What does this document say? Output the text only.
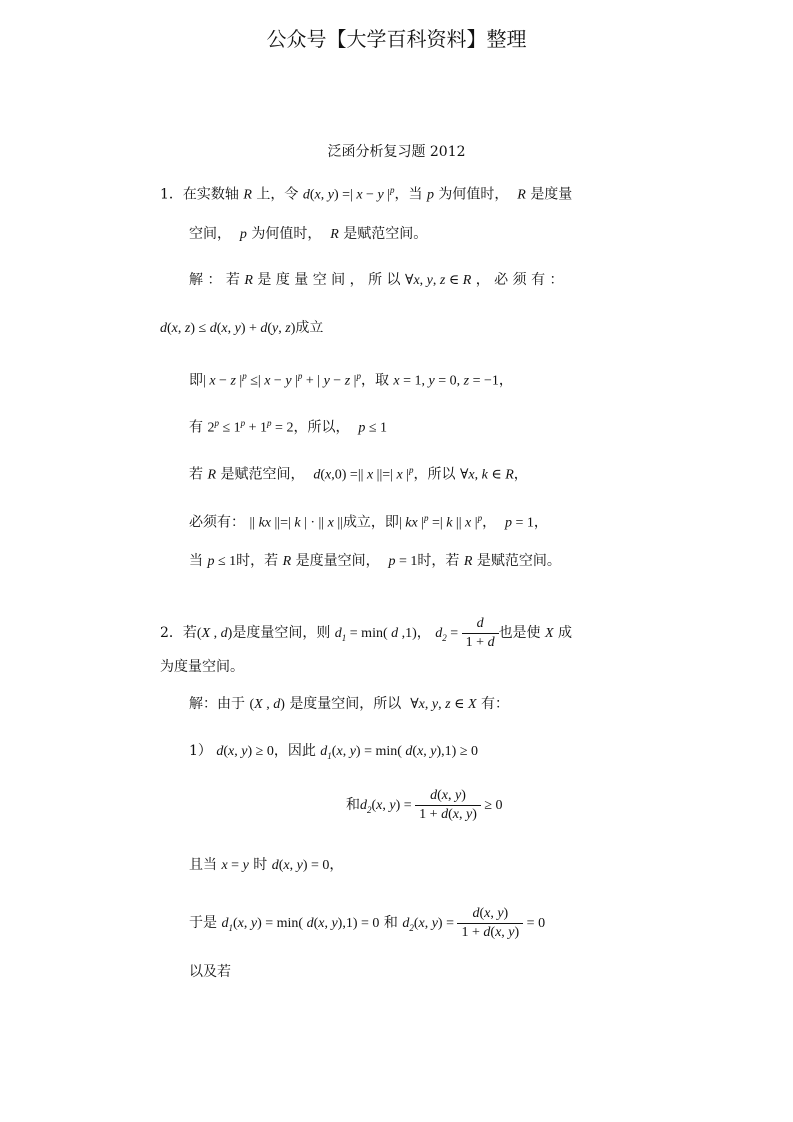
公众号【大学百科资料】整理
泛函分析复习题 2012
1．在实数轴 R 上，令 d(x, y) =| x − y $|^p$，当 p 为何值时， R 是度量
空间， p 为何值时， R 是赋范空间。
解 ： 若 R 是 度 量 空 间 ， 所 以 ∀x, y, z ∈ R ， 必 须 有 ：
d(x, z) ≤ d(x, y) + d(y, z)成立
即| x − z $|^p$ ≤| x − y $|^p$ + | y − z $|^p$，取 x = 1, y = 0, z = −1，
有 $2^p \le 1^p + 1^p = 2$，所以， p ≤ 1
若 R 是赋范空间， d(x,0) =|| x ||=| x $|^p$，所以 ∀x, k ∈ R，
必须有： || kx ||=| k | · || x ||成立，即| kx $|^p$ =| k || x $|^p$，  p = 1，
当 p ≤ 1时，若 R 是度量空间， p = 1时，若 R 是赋范空间。
2．若(X , d)是度量空间，则 $d_1 = \min$( d ,1)， $d_2 = \frac{d}{1 + d}$ 也是使 X 成
为度量空间。
解：由于 (X , d) 是度量空间，所以 ∀x, y, z ∈ X 有：
1） d(x, y) ≥ 0，因此 $d_1(x$, y) = min( d(x, y),1) ≥ 0
和$d_2(x$, $y) = \frac{d(x, y)}{1 + d(x, y)} \ge 0$
且当 x = y 时 d(x, y) = 0，
于是 $d_1(x$, y) = min( d(x, y),1) = 0 和 $d_2(x$, $y) = \frac{d(x, y)}{1 + d(x, y)} = 0$
以及若
